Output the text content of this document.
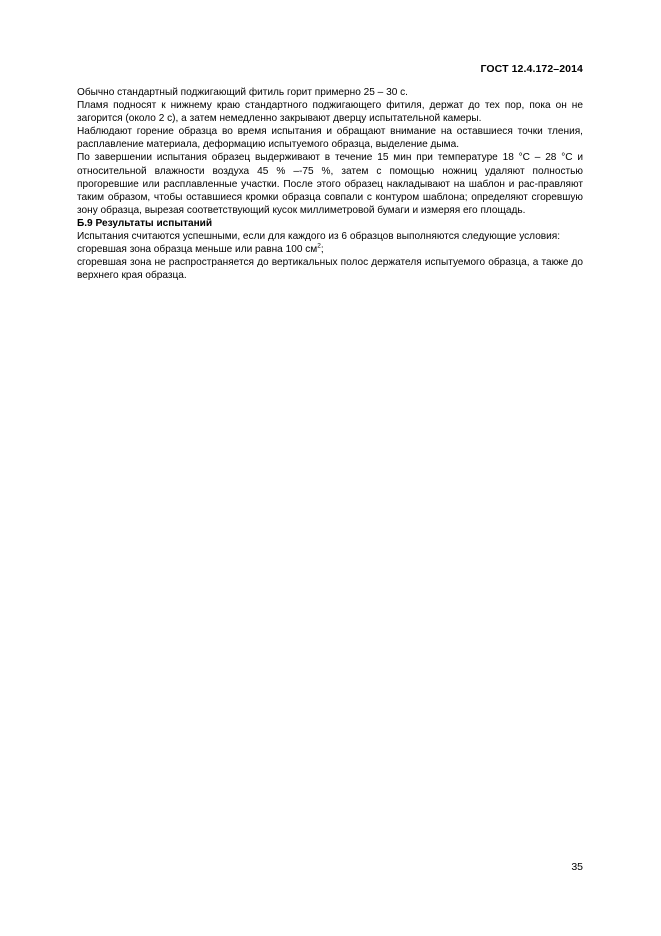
ГОСТ 12.4.172–2014

Обычно стандартный поджигающий фитиль горит примерно 25 – 30 с.

Пламя подносят к нижнему краю стандартного поджигающего фитиля, держат до тех пор, пока он не загорится (около 2 с), а затем немедленно закрывают дверцу испытательной камеры.

Наблюдают горение образца во время испытания и обращают внимание на оставшиеся точки тления, расплавление материала, деформацию испытуемого образца, выделение дыма.

По завершении испытания образец выдерживают в течение 15 мин при температуре 18 °С – 28 °С и относительной влажности воздуха 45 % –-75 %, затем с помощью ножниц удаляют полностью прогоревшие или расплавленные участки. После этого образец накладывают на шаблон и рас-правляют таким образом, чтобы оставшиеся кромки образца совпали с контуром шаблона; определяют сгоревшую зону образца, вырезая соответствующий кусок миллиметровой бумаги и измеряя его площадь.

Б.9 Результаты испытаний

Испытания считаются успешными, если для каждого из 6 образцов выполняются следующие условия:

сгоревшая зона образца меньше или равна 100 $см^2$;

сгоревшая зона не распространяется до вертикальных полос держателя испытуемого образца, а также до верхнего края образца.

35
